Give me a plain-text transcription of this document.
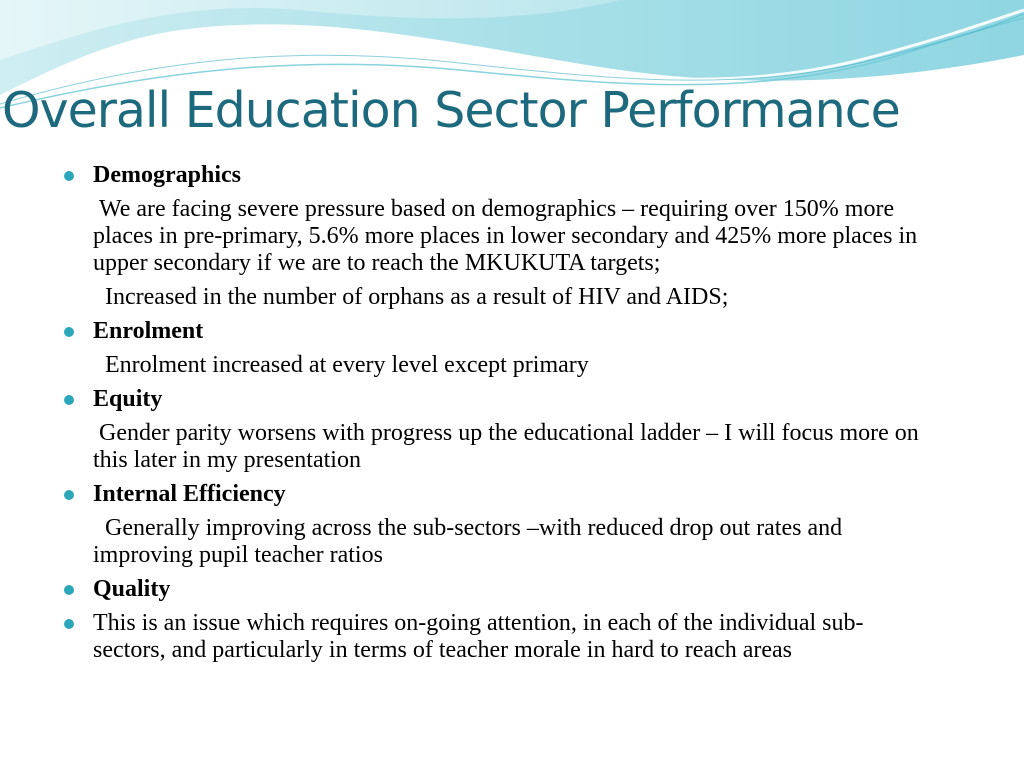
Overall Education Sector Performance
Demographics
We are facing severe pressure based on demographics – requiring over 150% more places in pre-primary, 5.6% more places in lower secondary and 425% more places in upper secondary if we are to reach the MKUKUTA targets;
Increased in the number of orphans as a result of HIV and AIDS;
Enrolment
Enrolment increased at every level except primary
Equity
Gender parity worsens with progress up the educational ladder – I will focus more on this later in my presentation
Internal Efficiency
Generally improving across the sub-sectors –with reduced drop out rates and improving pupil teacher ratios
Quality
This is an issue which requires on-going attention, in each of the individual sub-sectors, and particularly in terms of teacher morale in hard to reach areas
